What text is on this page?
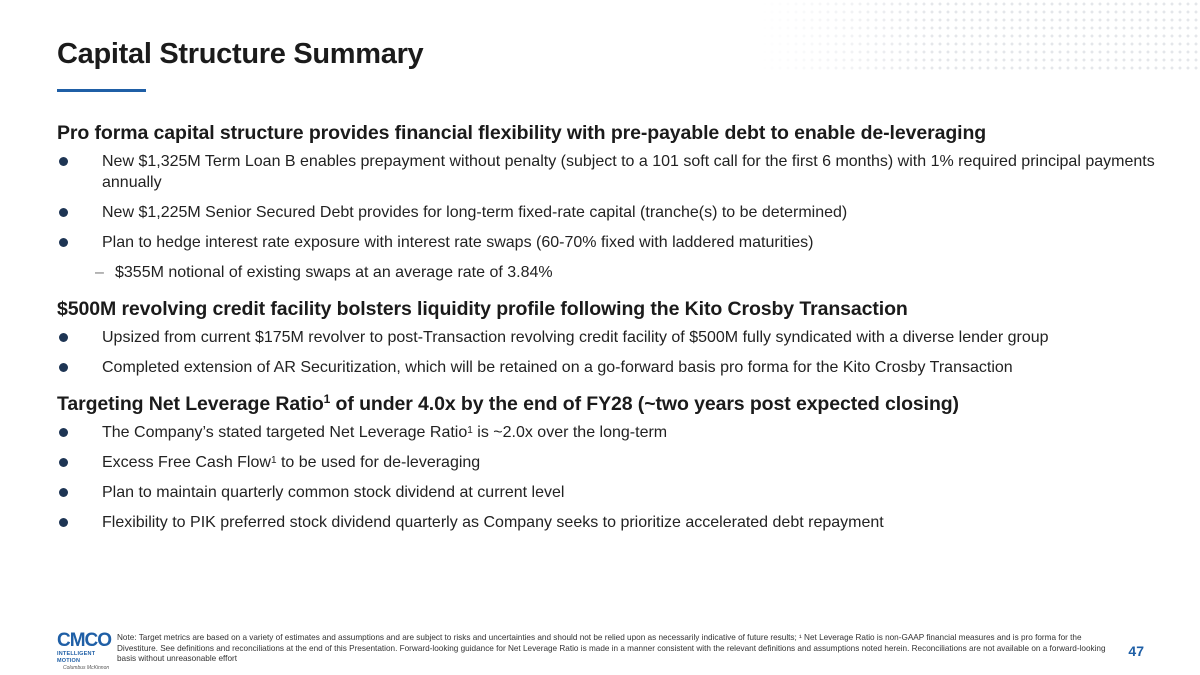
Capital Structure Summary
Pro forma capital structure provides financial flexibility with pre-payable debt to enable de-leveraging
New $1,325M Term Loan B enables prepayment without penalty (subject to a 101 soft call for the first 6 months) with 1% required principal payments annually
New $1,225M Senior Secured Debt provides for long-term fixed-rate capital (tranche(s) to be determined)
Plan to hedge interest rate exposure with interest rate swaps (60-70% fixed with laddered maturities)
– $355M notional of existing swaps at an average rate of 3.84%
$500M revolving credit facility bolsters liquidity profile following the Kito Crosby Transaction
Upsized from current $175M revolver to post-Transaction revolving credit facility of $500M fully syndicated with a diverse lender group
Completed extension of AR Securitization, which will be retained on a go-forward basis pro forma for the Kito Crosby Transaction
Targeting Net Leverage Ratio$^1$ of under 4.0x by the end of FY28 (~two years post expected closing)
The Company’s stated targeted Net Leverage Ratio$^1$ is ~2.0x over the long-term
Excess Free Cash Flow$^1$ to be used for de-leveraging
Plan to maintain quarterly common stock dividend at current level
Flexibility to PIK preferred stock dividend quarterly as Company seeks to prioritize accelerated debt repayment
CMCO
INTELLIGENT MOTION
Columbus McKinnon
Note: Target metrics are based on a variety of estimates and assumptions and are subject to risks and uncertainties and should not be relied upon as necessarily indicative of future results; ¹ Net Leverage Ratio is non-GAAP financial measures and is pro forma for the Divestiture. See definitions and reconciliations at the end of this Presentation. Forward-looking guidance for Net Leverage Ratio is made in a manner consistent with the relevant definitions and assumptions noted herein. Reconciliations are not available on a forward-looking basis without unreasonable effort	47
